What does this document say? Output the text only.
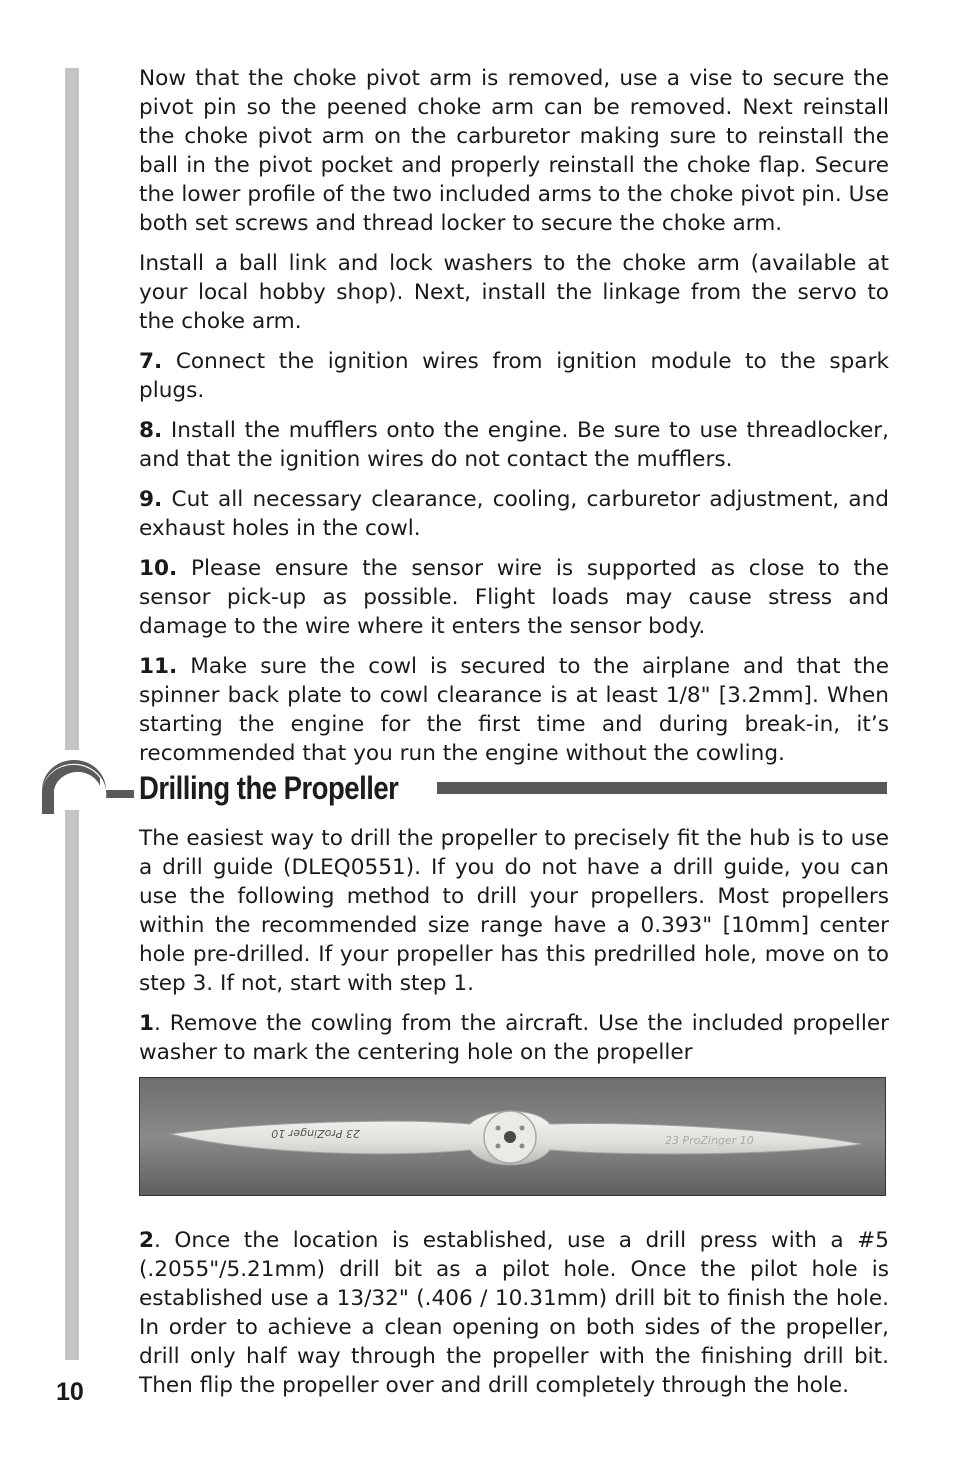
Now that the choke pivot arm is removed, use a vise to secure the pivot pin so the peened choke arm can be removed. Next reinstall the choke pivot arm on the carburetor making sure to reinstall the ball in the pivot pocket and properly reinstall the choke flap. Secure the lower profile of the two included arms to the choke pivot pin. Use both set screws and thread locker to secure the choke arm.

Install a ball link and lock washers to the choke arm (available at your local hobby shop). Next, install the linkage from the servo to the choke arm.

7. Connect the ignition wires from ignition module to the spark plugs.

8. Install the mufflers onto the engine. Be sure to use threadlocker, and that the ignition wires do not contact the mufflers.

9. Cut all necessary clearance, cooling, carburetor adjustment, and exhaust holes in the cowl.

10. Please ensure the sensor wire is supported as close to the sensor pick-up as possible. Flight loads may cause stress and damage to the wire where it enters the sensor body.

11. Make sure the cowl is secured to the airplane and that the spinner back plate to cowl clearance is at least 1/8" [3.2mm]. When starting the engine for the first time and during break-in, it’s recommended that you run the engine without the cowling.

Drilling the Propeller

The easiest way to drill the propeller to precisely fit the hub is to use a drill guide (DLEQ0551). If you do not have a drill guide, you can use the following method to drill your propellers. Most propellers within the recommended size range have a 0.393" [10mm] center hole pre-drilled. If your propeller has this predrilled hole, move on to step 3. If not, start with step 1.

1. Remove the cowling from the aircraft. Use the included propeller washer to mark the centering hole on the propeller

23 ProZinger 10
23 ProZinger 10

2. Once the location is established, use a drill press with a #5 (.2055"/5.21mm) drill bit as a pilot hole. Once the pilot hole is established use a 13/32" (.406 / 10.31mm) drill bit to finish the hole. In order to achieve a clean opening on both sides of the propeller, drill only half way through the propeller with the finishing drill bit. Then flip the propeller over and drill completely through the hole.

10
